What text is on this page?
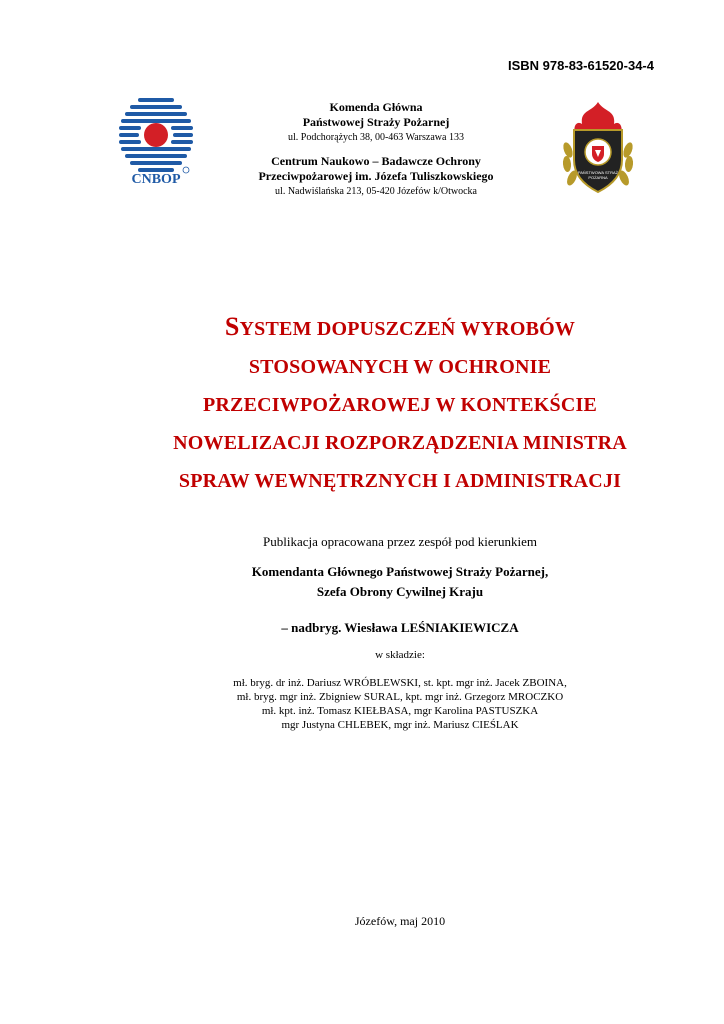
ISBN 978-83-61520-34-4
CNBOP
Komenda Główna
Państwowej Straży Pożarnej
ul. Podchorążych 38, 00-463 Warszawa 133
Centrum Naukowo – Badawcze Ochrony
Przeciwpożarowej im. Józefa Tuliszkowskiego
ul. Nadwiślańska 213, 05-420 Józefów k/Otwocka
PAŃSTWOWA STRAŻ POŻARNA
SYSTEM DOPUSZCZEŃ WYROBÓW
STOSOWANYCH W OCHRONIE
PRZECIWPOŻAROWEJ W KONTEKŚCIE
NOWELIZACJI ROZPORZĄDZENIA MINISTRA
SPRAW WEWNĘTRZNYCH I ADMINISTRACJI
Publikacja opracowana przez zespół pod kierunkiem
Komendanta Głównego Państwowej Straży Pożarnej,
Szefa Obrony Cywilnej Kraju
– nadbryg. Wiesława LEŚNIAKIEWICZA
w składzie:
mł. bryg. dr inż. Dariusz WRÓBLEWSKI, st. kpt. mgr inż. Jacek ZBOINA,
mł. bryg. mgr inż. Zbigniew SURAL, kpt. mgr inż. Grzegorz MROCZKO
mł. kpt. inż. Tomasz KIEŁBASA, mgr Karolina PASTUSZKA
mgr Justyna CHLEBEK, mgr inż. Mariusz CIEŚLAK
Józefów, maj 2010
